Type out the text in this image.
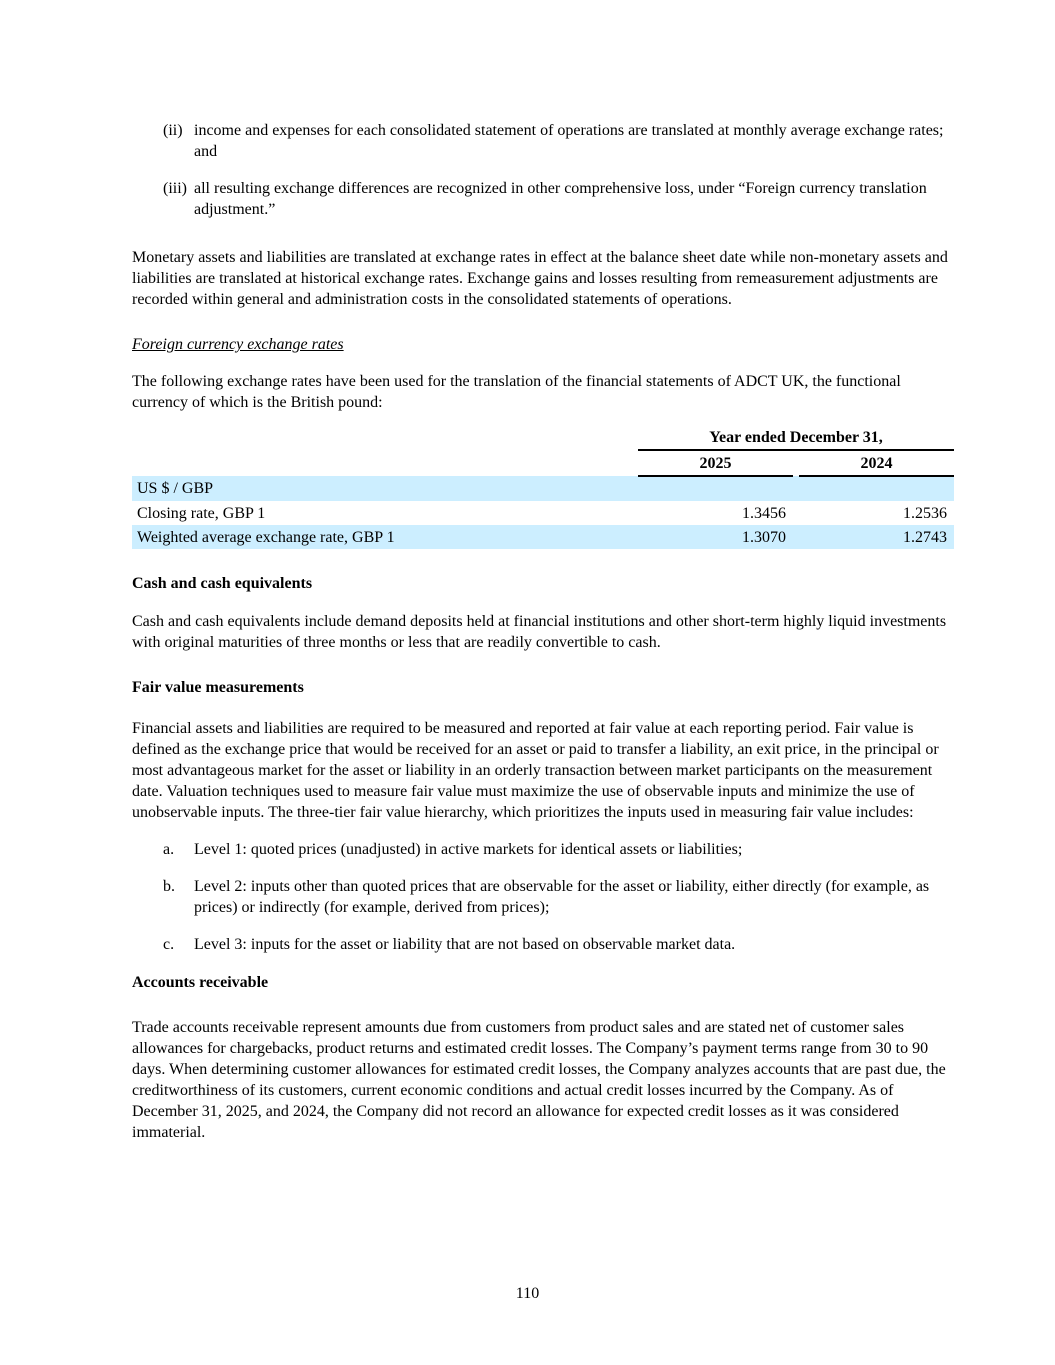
(ii) income and expenses for each consolidated statement of operations are translated at monthly average exchange rates; and
(iii) all resulting exchange differences are recognized in other comprehensive loss, under “Foreign currency translation adjustment.”

Monetary assets and liabilities are translated at exchange rates in effect at the balance sheet date while non-monetary assets and liabilities are translated at historical exchange rates. Exchange gains and losses resulting from remeasurement adjustments are recorded within general and administration costs in the consolidated statements of operations.

Foreign currency exchange rates

The following exchange rates have been used for the translation of the financial statements of ADCT UK, the functional currency of which is the British pound:

	Year ended December 31,		
	2025		2024
US $ / GBP			
Closing rate, GBP 1	1.3456		1.2536
Weighted average exchange rate, GBP 1	1.3070		1.2743

Cash and cash equivalents

Cash and cash equivalents include demand deposits held at financial institutions and other short-term highly liquid investments with original maturities of three months or less that are readily convertible to cash.

Fair value measurements

Financial assets and liabilities are required to be measured and reported at fair value at each reporting period. Fair value is defined as the exchange price that would be received for an asset or paid to transfer a liability, an exit price, in the principal or most advantageous market for the asset or liability in an orderly transaction between market participants on the measurement date. Valuation techniques used to measure fair value must maximize the use of observable inputs and minimize the use of unobservable inputs. The three-tier fair value hierarchy, which prioritizes the inputs used in measuring fair value includes:

a. Level 1: quoted prices (unadjusted) in active markets for identical assets or liabilities;
b. Level 2: inputs other than quoted prices that are observable for the asset or liability, either directly (for example, as prices) or indirectly (for example, derived from prices);
c. Level 3: inputs for the asset or liability that are not based on observable market data.

Accounts receivable

Trade accounts receivable represent amounts due from customers from product sales and are stated net of customer sales allowances for chargebacks, product returns and estimated credit losses. The Company’s payment terms range from 30 to 90 days. When determining customer allowances for estimated credit losses, the Company analyzes accounts that are past due, the creditworthiness of its customers, current economic conditions and actual credit losses incurred by the Company. As of December 31, 2025, and 2024, the Company did not record an allowance for expected credit losses as it was considered immaterial.

110
